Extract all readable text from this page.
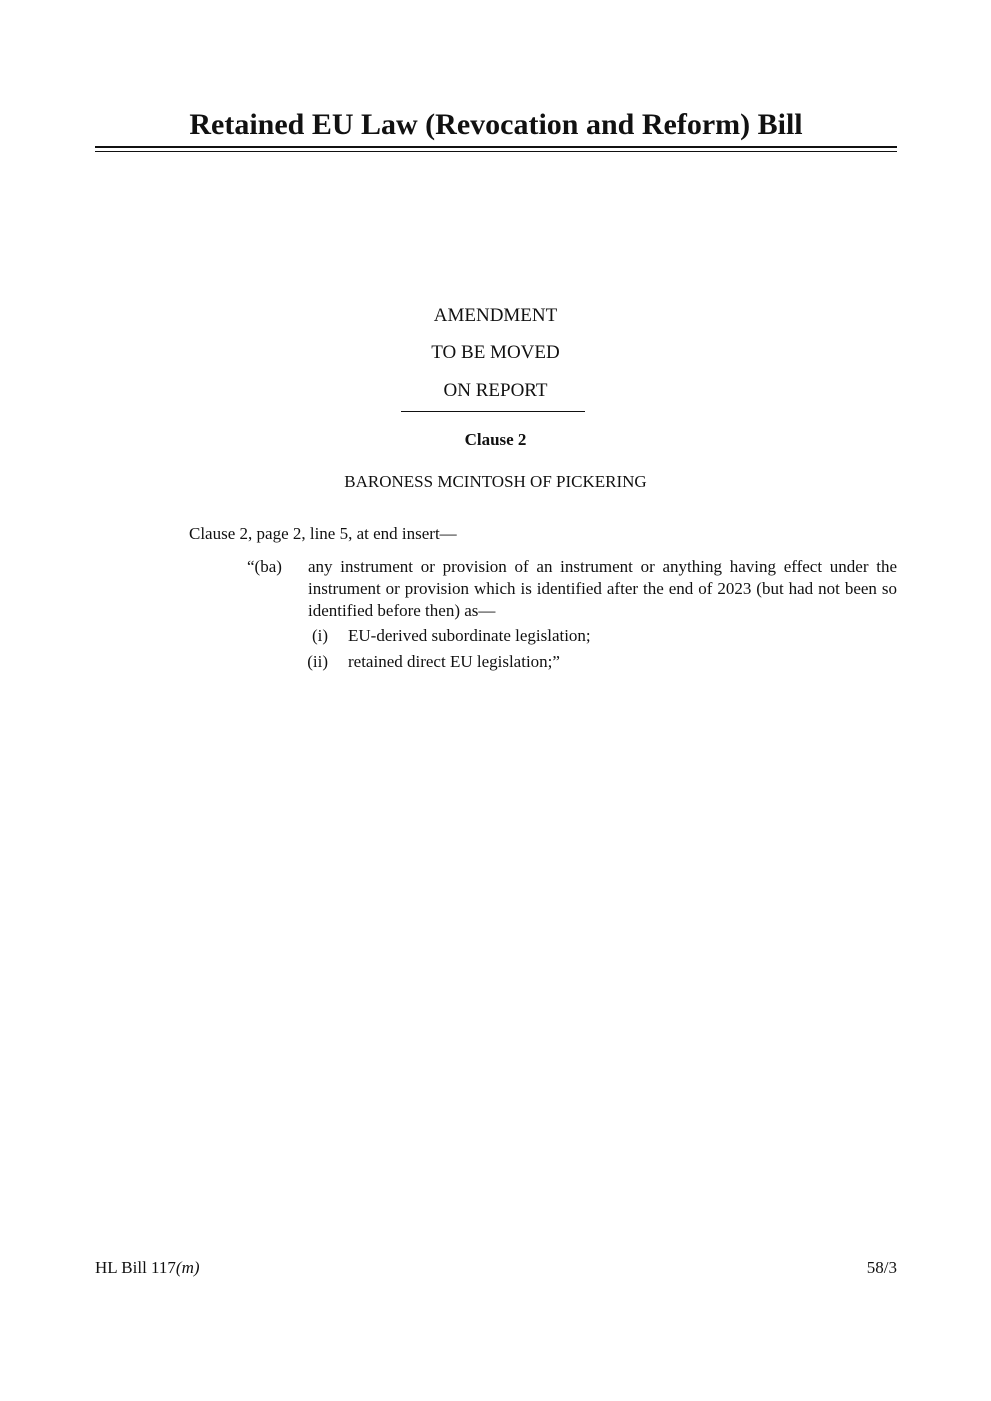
Retained EU Law (Revocation and Reform) Bill

AMENDMENT

TO BE MOVED

ON REPORT

Clause 2

BARONESS MCINTOSH OF PICKERING

Clause 2, page 2, line 5, at end insert—

“(ba) any instrument or provision of an instrument or anything having effect under the instrument or provision which is identified after the end of 2023 (but had not been so identified before then) as—

(i) EU-derived subordinate legislation;
(ii) retained direct EU legislation;”
HL Bill 117(m)	58/3
